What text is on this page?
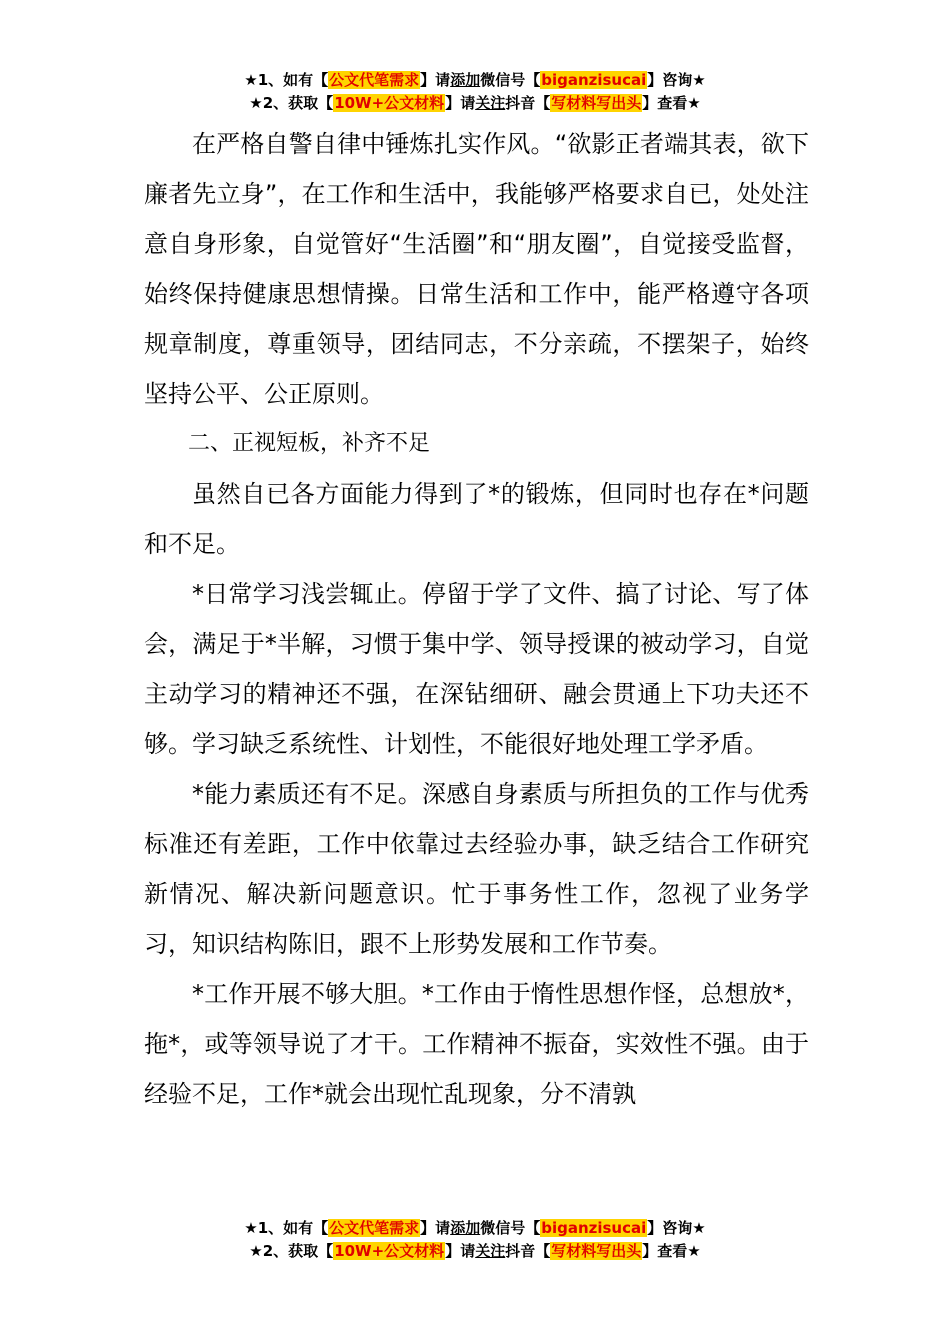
★1、如有【公文代笔需求】请添加微信号【biganzisucai】咨询★
★2、获取【10W+公文材料】请关注抖音【写材料写出头】查看★

在严格自警自律中锤炼扎实作风。“欲影正者端其表，欲下廉者先立身”，在工作和生活中，我能够严格要求自已，处处注意自身形象，自觉管好“生活圈”和“朋友圈”，自觉接受监督，始终保持健康思想情操。日常生活和工作中，能严格遵守各项规章制度，尊重领导，团结同志，不分亲疏，不摆架子，始终坚持公平、公正原则。

二、正视短板，补齐不足

虽然自已各方面能力得到了*的锻炼，但同时也存在*问题和不足。

*日常学习浅尝辄止。停留于学了文件、搞了讨论、写了体会，满足于*半解，习惯于集中学、领导授课的被动学习，自觉主动学习的精神还不强，在深钻细研、融会贯通上下功夫还不够。学习缺乏系统性、计划性，不能很好地处理工学矛盾。

*能力素质还有不足。深感自身素质与所担负的工作与优秀标准还有差距，工作中依靠过去经验办事，缺乏结合工作研究新情况、解决新问题意识。忙于事务性工作，忽视了业务学习，知识结构陈旧，跟不上形势发展和工作节奏。

*工作开展不够大胆。*工作由于惰性思想作怪，总想放*，拖*，或等领导说了才干。工作精神不振奋，实效性不强。由于经验不足，工作*就会出现忙乱现象，分不清孰

★1、如有【公文代笔需求】请添加微信号【biganzisucai】咨询★
★2、获取【10W+公文材料】请关注抖音【写材料写出头】查看★
